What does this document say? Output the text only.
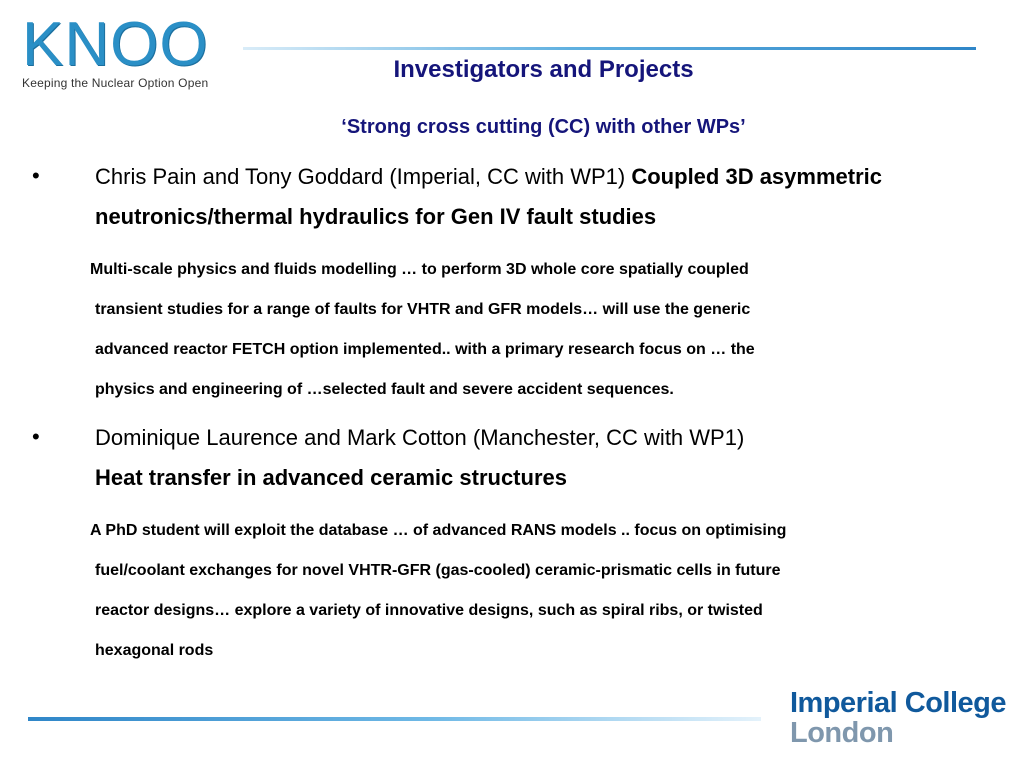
KNOO
Keeping the Nuclear Option Open	Investigators and Projects
‘Strong cross cutting (CC) with other WPs’
•	Chris Pain and Tony Goddard (Imperial, CC with WP1) Coupled 3D asymmetric neutronics/thermal hydraulics for Gen IV fault studies
Multi-scale physics and fluids modelling … to perform 3D whole core spatially coupled
transient studies for a range of faults for VHTR and GFR models… will use the generic
advanced reactor FETCH option implemented.. with a primary research focus on … the
physics and engineering of …selected fault and severe accident sequences.
•	Dominique Laurence and Mark Cotton (Manchester, CC with WP1)
Heat transfer in advanced ceramic structures
A PhD student will exploit the database … of advanced RANS models .. focus on optimising
fuel/coolant exchanges for novel VHTR-GFR (gas-cooled) ceramic-prismatic cells in future
reactor designs… explore a variety of innovative designs, such as spiral ribs, or twisted
hexagonal rods
Imperial College
London
